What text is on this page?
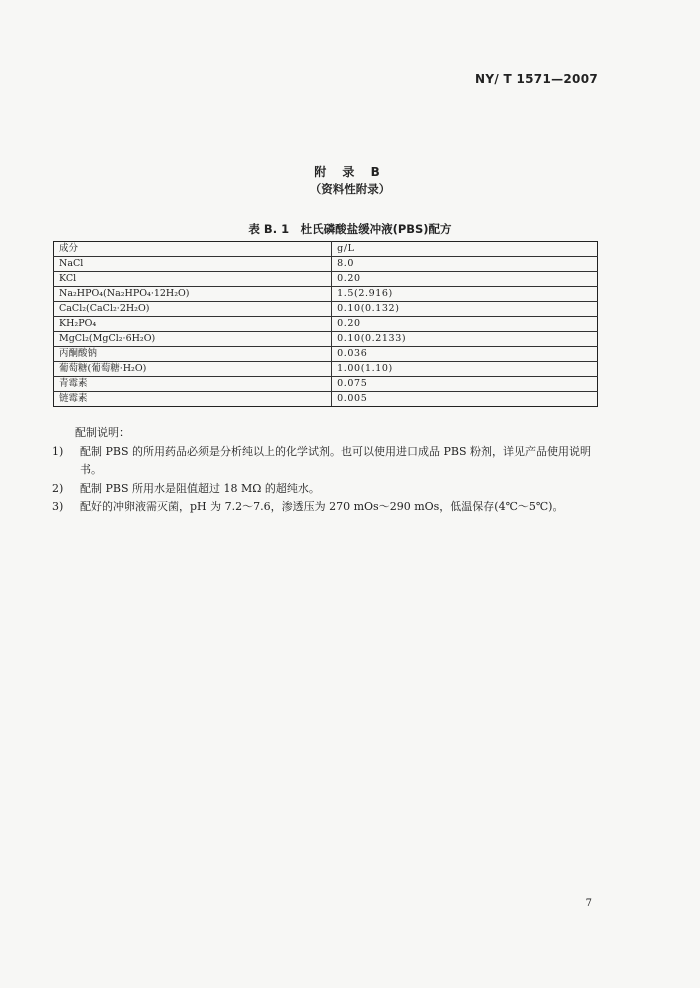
NY/ T 1571—2007
附 录 B
（资料性附录）
表 B. 1　杜氏磷酸盐缓冲液(PBS)配方
成分	g/L
NaCl	8.0
KCl	0.20
Na₂HPO₄(Na₂HPO₄·12H₂O)	1.5(2.916)
CaCl₂(CaCl₂·2H₂O)	0.10(0.132)
KH₂PO₄	0.20
MgCl₂(MgCl₂·6H₂O)	0.10(0.2133)
丙酮酸钠	0.036
葡萄糖(葡萄糖·H₂O)	1.00(1.10)
青霉素	0.075
链霉素	0.005
配制说明：
1)	配制 PBS 的所用药品必须是分析纯以上的化学试剂。也可以使用进口成品 PBS 粉剂，详见产品使用说明书。
2)	配制 PBS 所用水是阻值超过 18 MΩ 的超纯水。
3)	配好的冲卵液需灭菌，pH 为 7.2～7.6，渗透压为 270 mOs～290 mOs，低温保存(4℃～5℃)。
7
